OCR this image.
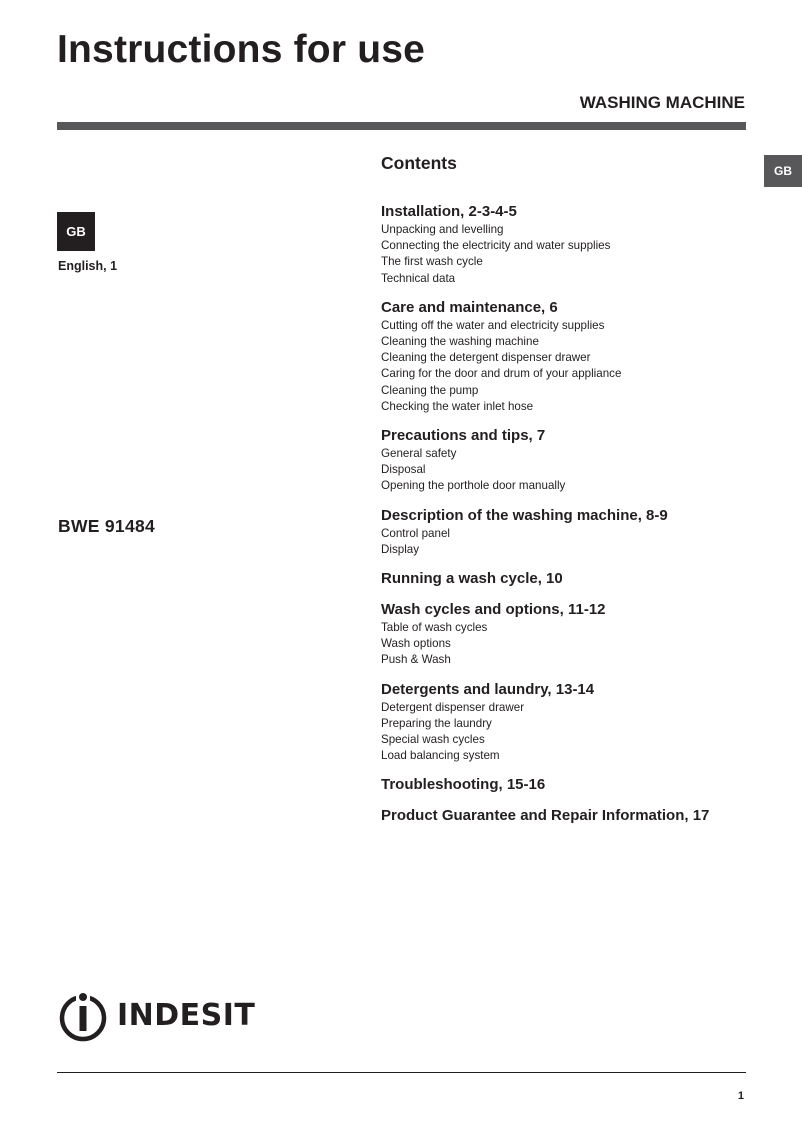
Instructions for use
WASHING MACHINE
GB
GB
English, 1
BWE 91484
Contents
Installation, 2-3-4-5
Unpacking and levelling
Connecting the electricity and water supplies
The first wash cycle
Technical data
Care and maintenance, 6
Cutting off the water and electricity supplies
Cleaning the washing machine
Cleaning the detergent dispenser drawer
Caring for the door and drum of your appliance
Cleaning the pump
Checking the water inlet hose
Precautions and tips, 7
General safety
Disposal
Opening the porthole door manually
Description of the washing machine, 8-9
Control panel
Display
Running a wash cycle, 10
Wash cycles and options, 11-12
Table of wash cycles
Wash options
Push & Wash
Detergents and laundry, 13-14
Detergent dispenser drawer
Preparing the laundry
Special wash cycles
Load balancing system
Troubleshooting, 15-16
Product Guarantee and Repair Information, 17
INDESIT
1
